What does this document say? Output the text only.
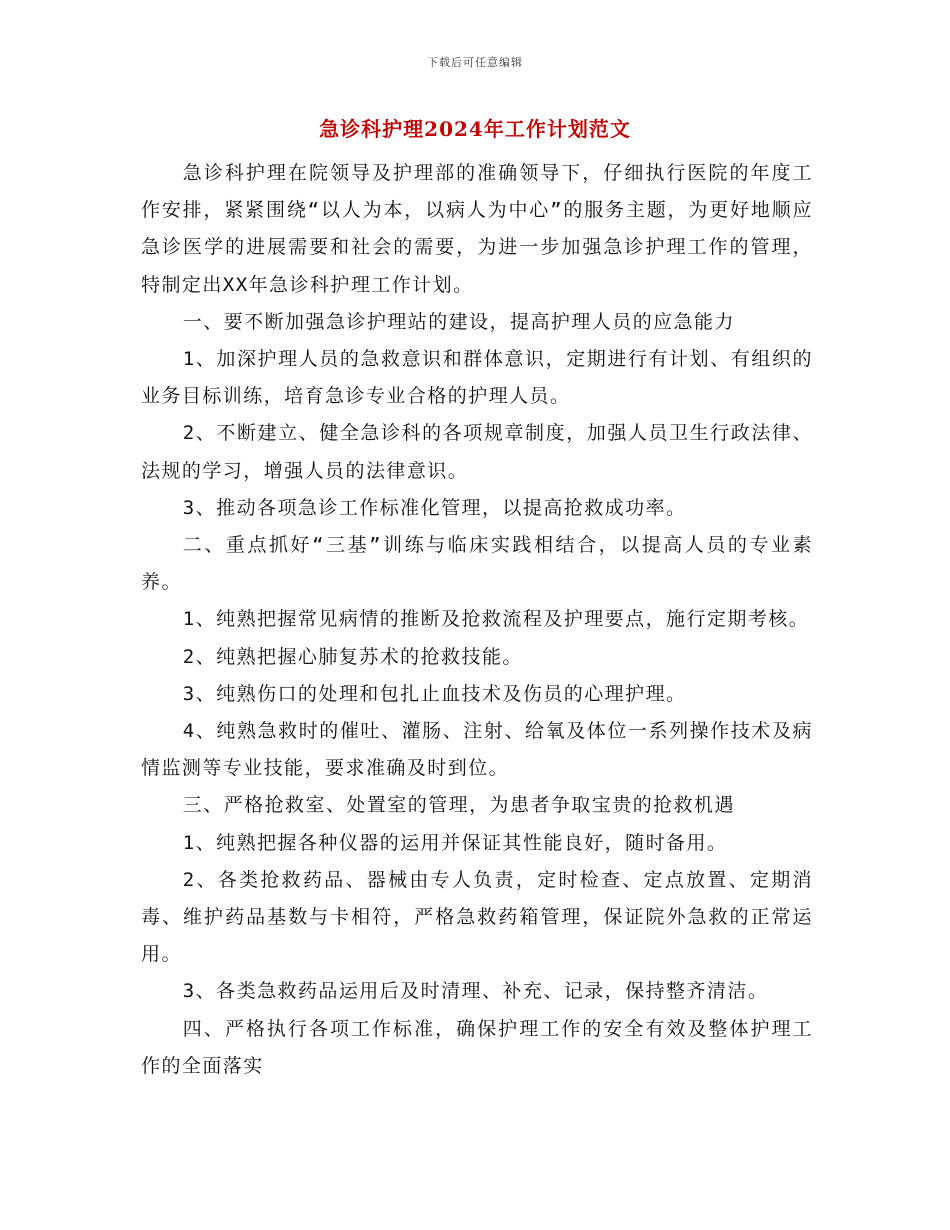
下载后可任意编辑
急诊科护理2024年工作计划范文

急诊科护理在院领导及护理部的准确领导下，仔细执行医院的年度工作安排，紧紧围绕“以人为本，以病人为中心”的服务主题，为更好地顺应急诊医学的进展需要和社会的需要，为进一步加强急诊护理工作的管理，特制定出XX年急诊科护理工作计划。

一、要不断加强急诊护理站的建设，提高护理人员的应急能力

1、加深护理人员的急救意识和群体意识，定期进行有计划、有组织的业务目标训练，培育急诊专业合格的护理人员。

2、不断建立、健全急诊科的各项规章制度，加强人员卫生行政法律、法规的学习，增强人员的法律意识。

3、推动各项急诊工作标准化管理，以提高抢救成功率。

二、重点抓好“三基”训练与临床实践相结合，以提高人员的专业素养。

1、纯熟把握常见病情的推断及抢救流程及护理要点，施行定期考核。

2、纯熟把握心肺复苏术的抢救技能。

3、纯熟伤口的处理和包扎止血技术及伤员的心理护理。

4、纯熟急救时的催吐、灌肠、注射、给氧及体位一系列操作技术及病情监测等专业技能，要求准确及时到位。

三、严格抢救室、处置室的管理，为患者争取宝贵的抢救机遇

1、纯熟把握各种仪器的运用并保证其性能良好，随时备用。

2、各类抢救药品、器械由专人负责，定时检查、定点放置、定期消毒、维护药品基数与卡相符，严格急救药箱管理，保证院外急救的正常运用。

3、各类急救药品运用后及时清理、补充、记录，保持整齐清洁。

四、严格执行各项工作标准，确保护理工作的安全有效及整体护理工作的全面落实
